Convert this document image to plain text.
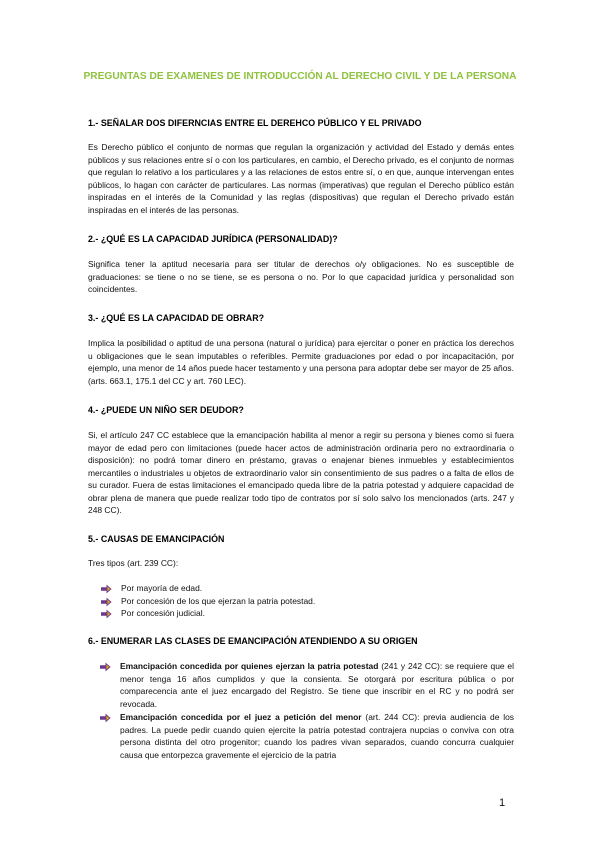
PREGUNTAS DE EXAMENES DE INTRODUCCIÓN AL DERECHO CIVIL Y DE LA PERSONA
1.- SEÑALAR DOS DIFERNCIAS ENTRE EL DEREHCO PÚBLICO Y EL PRIVADO
Es Derecho público el conjunto de normas que regulan la organización y actividad del Estado y demás entes públicos y sus relaciones entre sí o con los particulares, en cambio, el Derecho privado, es el conjunto de normas que regulan lo relativo a los particulares y a las relaciones de estos entre sí, o en que, aunque intervengan entes públicos, lo hagan con carácter de particulares. Las normas (imperativas) que regulan el Derecho público están inspiradas en el interés de la Comunidad y las reglas (dispositivas) que regulan el Derecho privado están inspiradas en el interés de las personas.
2.- ¿QUÉ ES LA CAPACIDAD JURÍDICA (PERSONALIDAD)?
Significa tener la aptitud necesaria para ser titular de derechos o/y obligaciones. No es susceptible de graduaciones: se tiene o no se tiene, se es persona o no. Por lo que capacidad jurídica y personalidad son coincidentes.
3.- ¿QUÉ ES LA CAPACIDAD DE OBRAR?
Implica la posibilidad o aptitud de una persona (natural o jurídica) para ejercitar o poner en práctica los derechos u obligaciones que le sean imputables o referibles. Permite graduaciones por edad o por incapacitación, por ejemplo, una menor de 14 años puede hacer testamento y una persona para adoptar debe ser mayor de 25 años. (arts. 663.1, 175.1 del CC y art. 760 LEC).
4.- ¿PUEDE UN NIÑO SER DEUDOR?
Si, el artículo 247 CC establece que la emancipación habilita al menor a regir su persona y bienes como si fuera mayor de edad pero con limitaciones (puede hacer actos de administración ordinaria pero no extraordinaria o disposición): no podrá tomar dinero en préstamo, gravas o enajenar bienes inmuebles y establecimientos mercantiles o industriales u objetos de extraordinario valor sin consentimiento de sus padres o a falta de ellos de su curador. Fuera de estas limitaciones el emancipado queda libre de la patria potestad y adquiere capacidad de obrar plena de manera que puede realizar todo tipo de contratos por sí solo salvo los mencionados (arts. 247 y 248 CC).
5.- CAUSAS DE EMANCIPACIÓN
Tres tipos (art. 239 CC):
Por mayoría de edad.
Por concesión de los que ejerzan la patria potestad.
Por concesión judicial.
6.- ENUMERAR LAS CLASES DE EMANCIPACIÓN ATENDIENDO A SU ORIGEN
Emancipación concedida por quienes ejerzan la patria potestad (241 y 242 CC): se requiere que el menor tenga 16 años cumplidos y que la consienta. Se otorgará por escritura pública o por comparecencia ante el juez encargado del Registro. Se tiene que inscribir en el RC y no podrá ser revocada.
Emancipación concedida por el juez a petición del menor (art. 244 CC): previa audiencia de los padres. La puede pedir cuando quien ejercite la patria potestad contrajera nupcias o conviva con otra persona distinta del otro progenitor; cuando los padres vivan separados, cuando concurra cualquier causa que entorpezca gravemente el ejercicio de la patria
1
